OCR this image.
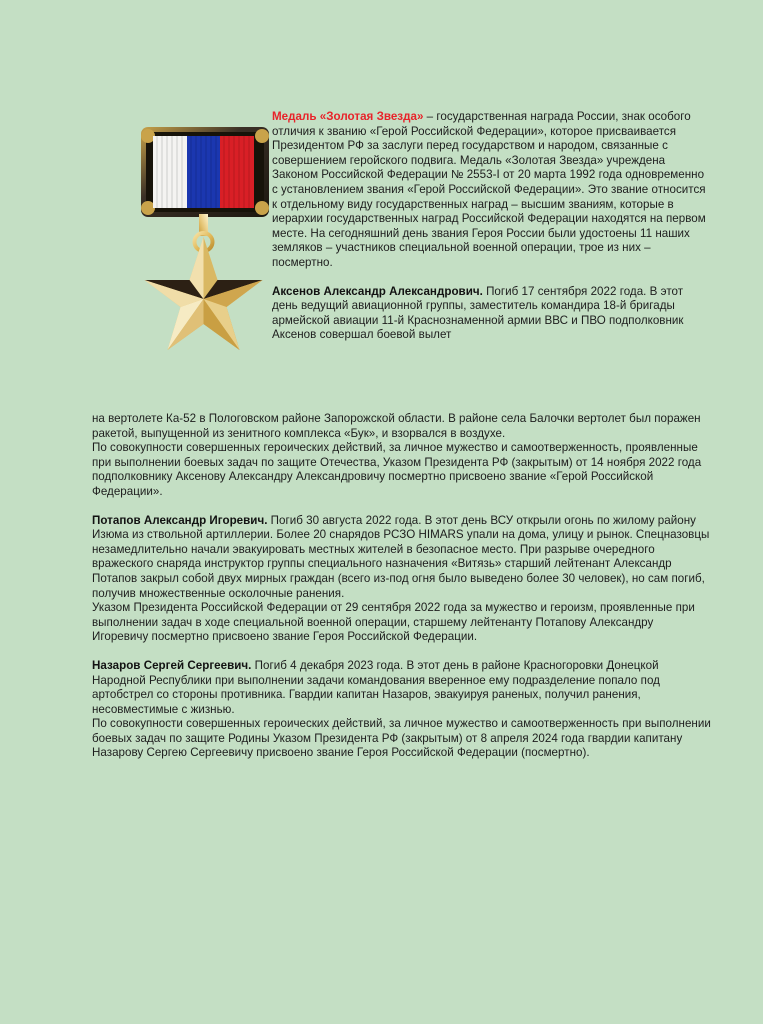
Медаль «Золотая Звезда» – государственная награда России, знак особого отличия к званию «Герой Российской Федерации», которое присваивается Президентом РФ за заслуги перед государством и народом, связанные с совершением геройского подвига. Медаль «Золотая Звезда» учреждена Законом Российской Федерации № 2553-I от 20 марта 1992 года одновременно с установлением звания «Герой Российской Федерации». Это звание относится к отдельному виду государственных наград – высшим званиям, которые в иерархии государственных наград Российской Федерации находятся на первом месте. На сегодняшний день звания Героя России были удостоены 11 наших земляков – участников специальной военной операции, трое из них – посмертно.

Аксенов Александр Александрович. Погиб 17 сентября 2022 года. В этот день ведущий авиационной группы, заместитель командира 18-й бригады армейской авиации 11-й Краснознаменной армии ВВС и ПВО подполковник Аксенов совершал боевой вылет

на вертолете Ка-52 в Пологовском районе Запорожской области. В районе села Балочки вертолет был поражен ракетой, выпущенной из зенитного комплекса «Бук», и взорвался в воздухе.

По совокупности совершенных героических действий, за личное мужество и самоотверженность, проявленные при выполнении боевых задач по защите Отечества, Указом Президента РФ (закрытым) от 14 ноября 2022 года подполковнику Аксенову Александру Александровичу посмертно присвоено звание «Герой Российской Федерации».

Потапов Александр Игоревич. Погиб 30 августа 2022 года. В этот день ВСУ открыли огонь по жилому району Изюма из ствольной артиллерии. Более 20 снарядов РСЗО HIMARS упали на дома, улицу и рынок. Спецназовцы незамедлительно начали эвакуировать местных жителей в безопасное место. При разрыве очередного вражеского снаряда инструктор группы специального назначения «Витязь» старший лейтенант Александр Потапов закрыл собой двух мирных граждан (всего из-под огня было выведено более 30 человек), но сам погиб, получив множественные осколочные ранения.

Указом Президента Российской Федерации от 29 сентября 2022 года за мужество и героизм, проявленные при выполнении задач в ходе специальной военной операции, старшему лейтенанту Потапову Александру Игоревичу посмертно присвоено звание Героя Российской Федерации.

Назаров Сергей Сергеевич. Погиб 4 декабря 2023 года. В этот день в районе Красногоровки Донецкой Народной Республики при выполнении задачи командования вверенное ему подразделение попало под артобстрел со стороны противника. Гвардии капитан Назаров, эвакуируя раненых, получил ранения, несовместимые с жизнью.

По совокупности совершенных героических действий, за личное мужество и самоотверженность при выполнении боевых задач по защите Родины Указом Президента РФ (закрытым) от 8 апреля 2024 года гвардии капитану Назарову Сергею Сергеевичу присвоено звание Героя Российской Федерации (посмертно).
